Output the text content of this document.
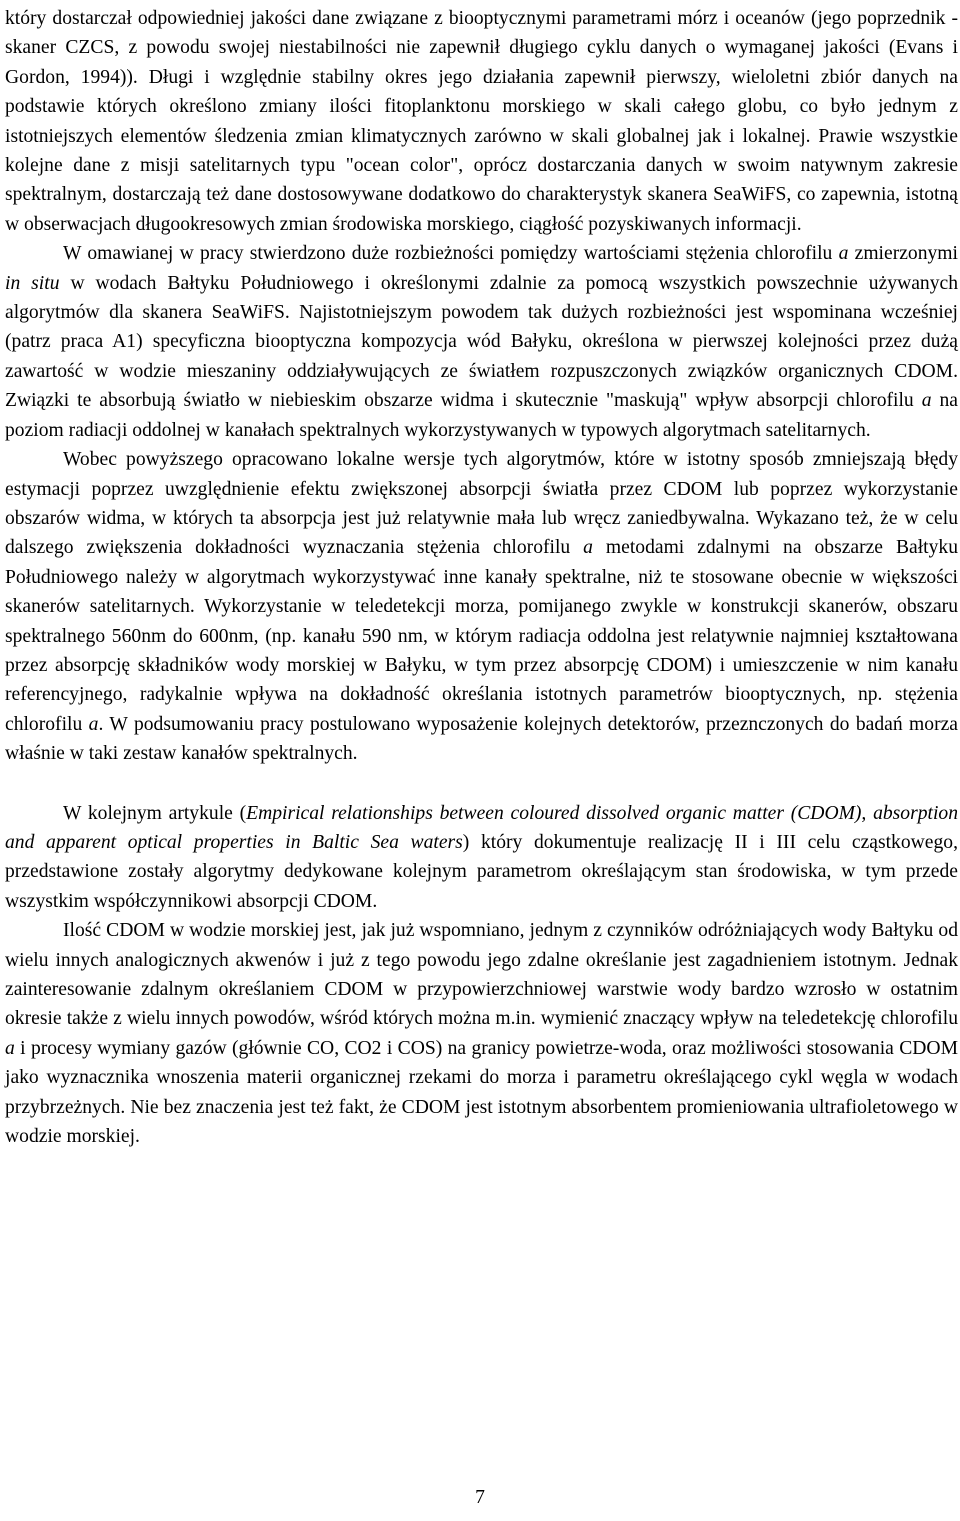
który dostarczał odpowiedniej jakości dane związane z biooptycznymi parametrami mórz i oceanów (jego poprzednik - skaner CZCS, z powodu swojej niestabilności nie zapewnił długiego cyklu danych o wymaganej jakości (Evans i Gordon, 1994)). Długi i względnie stabilny okres jego działania zapewnił pierwszy, wieloletni zbiór danych na podstawie których określono zmiany ilości fitoplanktonu morskiego w skali całego globu, co było jednym z istotniejszych elementów śledzenia zmian klimatycznych zarówno w skali globalnej jak i lokalnej. Prawie wszystkie kolejne dane z misji satelitarnych typu "ocean color", oprócz dostarczania danych w swoim natywnym zakresie spektralnym, dostarczają też dane dostosowywane dodatkowo do charakterystyk skanera SeaWiFS, co zapewnia, istotną w obserwacjach długookresowych zmian środowiska morskiego, ciągłość pozyskiwanych informacji.

W omawianej w pracy stwierdzono duże rozbieżności pomiędzy wartościami stężenia chlorofilu a zmierzonymi in situ w wodach Bałtyku Południowego i określonymi zdalnie za pomocą wszystkich powszechnie używanych algorytmów dla skanera SeaWiFS. Najistotniejszym powodem tak dużych rozbieżności jest wspominana wcześniej (patrz praca A1) specyficzna biooptyczna kompozycja wód Bałyku, określona w pierwszej kolejności przez dużą zawartość w wodzie mieszaniny oddziaływujących ze światłem rozpuszczonych związków organicznych CDOM. Związki te absorbują światło w niebieskim obszarze widma i skutecznie "maskują" wpływ absorpcji chlorofilu a na poziom radiacji oddolnej w kanałach spektralnych wykorzystywanych w typowych algorytmach satelitarnych.

Wobec powyższego opracowano lokalne wersje tych algorytmów, które w istotny sposób zmniejszają błędy estymacji poprzez uwzględnienie efektu zwiększonej absorpcji światła przez CDOM lub poprzez wykorzystanie obszarów widma, w których ta absorpcja jest już relatywnie mała lub wręcz zaniedbywalna. Wykazano też, że w celu dalszego zwiększenia dokładności wyznaczania stężenia chlorofilu a metodami zdalnymi na obszarze Bałtyku Południowego należy w algorytmach wykorzystywać inne kanały spektralne, niż te stosowane obecnie w większości skanerów satelitarnych. Wykorzystanie w teledetekcji morza, pomijanego zwykle w konstrukcji skanerów, obszaru spektralnego 560nm do 600nm, (np. kanału 590 nm, w którym radiacja oddolna jest relatywnie najmniej kształtowana przez absorpcję składników wody morskiej w Bałyku, w tym przez absorpcję CDOM) i umieszczenie w nim kanału referencyjnego, radykalnie wpływa na dokładność określania istotnych parametrów biooptycznych, np. stężenia chlorofilu a. W podsumowaniu pracy postulowano wyposażenie kolejnych detektorów, przeznczonych do badań morza właśnie w taki zestaw kanałów spektralnych.

W kolejnym artykule (Empirical relationships between coloured dissolved organic matter (CDOM), absorption and apparent optical properties in Baltic Sea waters) który dokumentuje realizację II i III celu cząstkowego, przedstawione zostały algorytmy dedykowane kolejnym parametrom określającym stan środowiska, w tym przede wszystkim współczynnikowi absorpcji CDOM.

Ilość CDOM w wodzie morskiej jest, jak już wspomniano, jednym z czynników odróżniających wody Bałtyku od wielu innych analogicznych akwenów i już z tego powodu jego zdalne określanie jest zagadnieniem istotnym. Jednak zainteresowanie zdalnym określaniem CDOM w przypowierzchniowej warstwie wody bardzo wzrosło w ostatnim okresie także z wielu innych powodów, wśród których można m.in. wymienić znaczący wpływ na teledetekcję chlorofilu a i procesy wymiany gazów (głównie CO, CO2 i COS) na granicy powietrze-woda, oraz możliwości stosowania CDOM jako wyznacznika wnoszenia materii organicznej rzekami do morza i parametru określającego cykl węgla w wodach przybrzeżnych. Nie bez znaczenia jest też fakt, że CDOM jest istotnym absorbentem promieniowania ultrafioletowego w wodzie morskiej.

7
